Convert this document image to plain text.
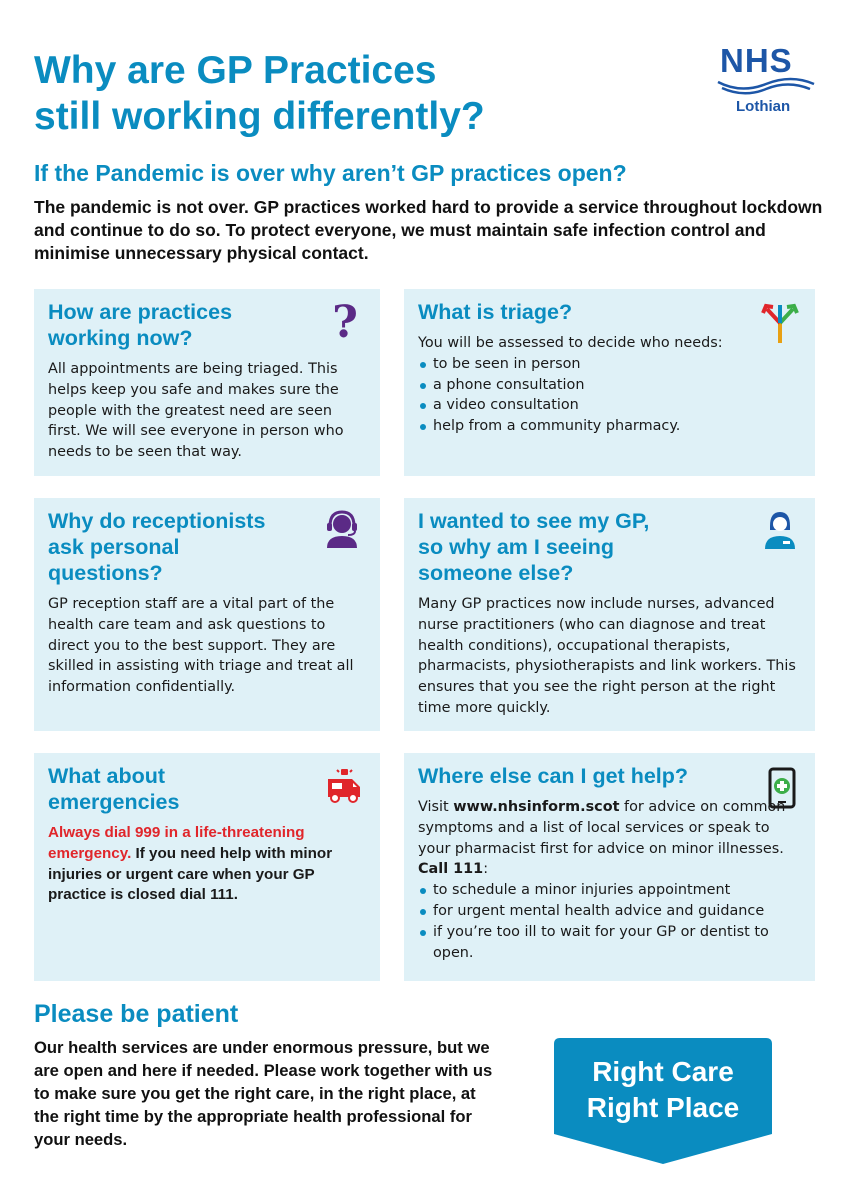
Why are GP Practices
still working differently?
NHS
Lothian
If the Pandemic is over why aren’t GP practices open?
The pandemic is not over. GP practices worked hard to provide a service throughout lockdown and continue to do so. To protect everyone, we must maintain safe infection control and minimise unnecessary physical contact.
How are practices
working now?

All appointments are being triaged. This helps keep you safe and makes sure the people with the greatest need are seen first. We will see everyone in person who needs to be seen that way.

?	What is triage?

You will be assessed to decide who needs:

to be seen in person
a phone consultation
a video consultation
help from a community pharmacy.
Why do receptionists
ask personal
questions?

GP reception staff are a vital part of the health care team and ask questions to direct you to the best support. They are skilled in assisting with triage and treat all information confidentially.

I wanted to see my GP,
so why am I seeing
someone else?

Many GP practices now include nurses, advanced nurse practitioners (who can diagnose and treat health conditions), occupational therapists, pharmacists, physiotherapists and link workers. This ensures that you see the right person at the right time more quickly.

What about
emergencies

Always dial 999 in a life-threatening emergency. If you need help with minor injuries or urgent care when your GP practice is closed dial 111.

Where else can I get help?

Visit www.nhsinform.scot for advice on common symptoms and a list of local services or speak to your pharmacist first for advice on minor illnesses. Call 111:

to schedule a minor injuries appointment
for urgent mental health advice and guidance
if you’re too ill to wait for your GP or dentist to open.
Please be patient
Our health services are under enormous pressure, but we are open and here if needed. Please work together with us to make sure you get the right care, in the right place, at the right time by the appropriate health professional for your needs.
Right Care
Right Place
